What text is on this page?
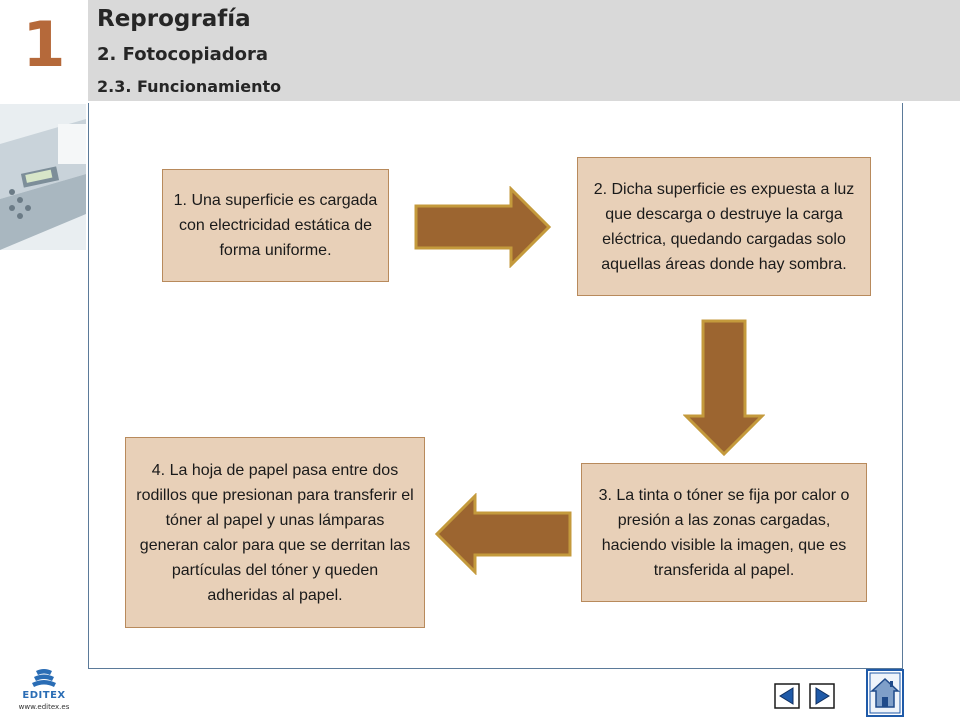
1	Reprografía
2. Fotocopiadora
2.3. Funcionamiento
1. Una superficie es cargada con electricidad estática de forma uniforme.
2. Dicha superficie es expuesta a luz que descarga o destruye la carga eléctrica, quedando cargadas solo aquellas áreas donde hay sombra.
3. La tinta o tóner se fija por calor o presión a las zonas cargadas, haciendo visible la imagen, que es transferida al papel.
4. La hoja de papel pasa entre dos rodillos que presionan para transferir el tóner al papel y unas lámparas generan calor para que se derritan las partículas del tóner y queden adheridas al papel.
EDITEX
www.editex.es
